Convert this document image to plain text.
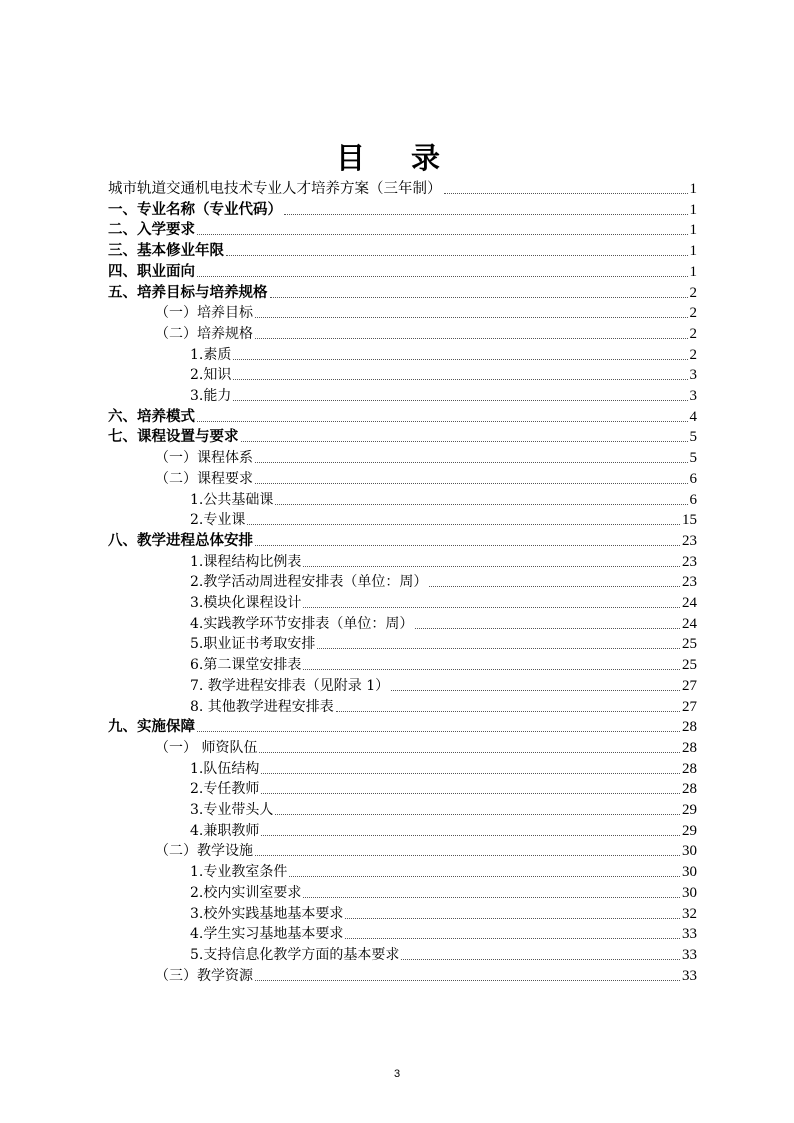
目 录
城市轨道交通机电技术专业人才培养方案（三年制）	1
一、专业名称（专业代码）	1
二、入学要求	1
三、基本修业年限	1
四、职业面向	1
五、培养目标与培养规格	2
（一）培养目标	2
（二）培养规格	2
1.素质	2
2.知识	3
3.能力	3
六、培养模式	4
七、课程设置与要求	5
（一）课程体系	5
（二）课程要求	6
1.公共基础课	6
2.专业课	15
八、教学进程总体安排	23
1.课程结构比例表	23
2.教学活动周进程安排表（单位：周）	23
3.模块化课程设计	24
4.实践教学环节安排表（单位：周）	24
5.职业证书考取安排	25
6.第二课堂安排表	25
7. 教学进程安排表（见附录 1）	27
8. 其他教学进程安排表	27
九、实施保障	28
（一） 师资队伍	28
1.队伍结构	28
2.专任教师	28
3.专业带头人	29
4.兼职教师	29
（二）教学设施	30
1.专业教室条件	30
2.校内实训室要求	30
3.校外实践基地基本要求	32
4.学生实习基地基本要求	33
5.支持信息化教学方面的基本要求	33
（三）教学资源	33
3
